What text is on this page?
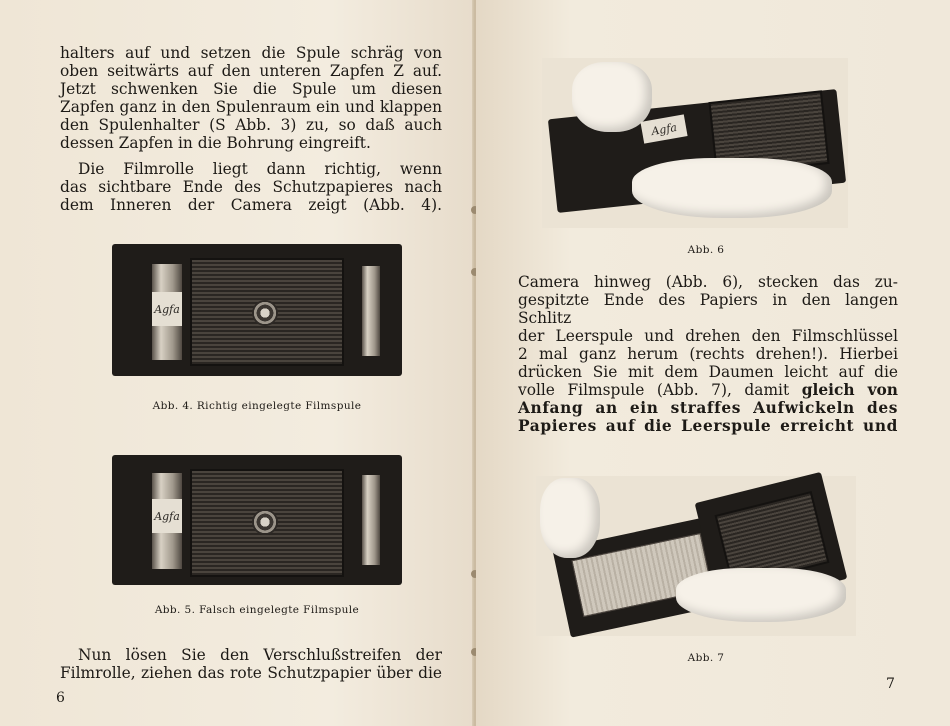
halters auf und setzen die Spule schräg von
oben seitwärts auf den unteren Zapfen Z auf.
Jetzt schwenken Sie die Spule um diesen
Zapfen ganz in den Spulenraum ein und klappen
den Spulenhalter (S Abb. 3) zu, so daß auch
dessen Zapfen in die Bohrung eingreift.

Die Filmrolle liegt dann richtig, wenn
das sichtbare Ende des Schutzpapieres nach
dem Inneren der Camera zeigt (Abb. 4).

Agfa

Abb. 4. Richtig eingelegte Filmspule

Agfa

Abb. 5. Falsch eingelegte Filmspule

Nun lösen Sie den Verschlußstreifen der
Filmrolle, ziehen das rote Schutzpapier über die

6
Agfa

Abb. 6

Camera hinweg (Abb. 6), stecken das zu-
gespitzte Ende des Papiers in den langen Schlitz
der Leerspule und drehen den Filmschlüssel
2 mal ganz herum (rechts drehen!). Hierbei
drücken Sie mit dem Daumen leicht auf die
volle Filmspule (Abb. 7), damit gleich von
Anfang an ein straffes Aufwickeln des
Papieres auf die Leerspule erreicht und

Abb. 7

7
